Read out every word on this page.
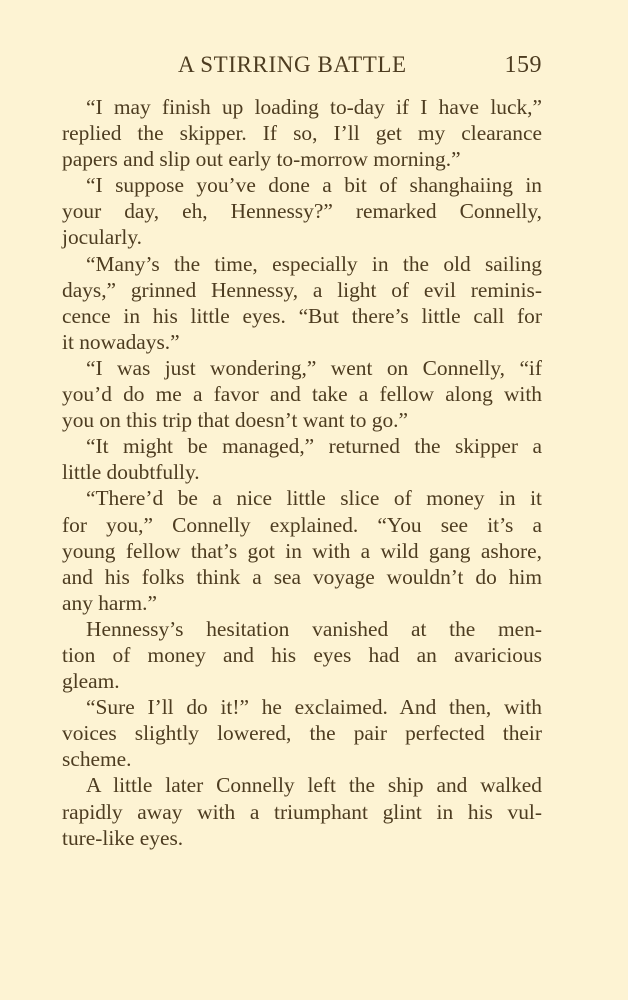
A STIRRING BATTLE	159
“I may finish up loading to-day if I have luck,”
replied the skipper. If so, I’ll get my clearance
papers and slip out early to-morrow morning.”
“I suppose you’ve done a bit of shanghaiing in
your day, eh, Hennessy?” remarked Connelly,
jocularly.
“Many’s the time, especially in the old sailing
days,” grinned Hennessy, a light of evil reminis-
cence in his little eyes. “But there’s little call for
it nowadays.”
“I was just wondering,” went on Connelly, “if
you’d do me a favor and take a fellow along with
you on this trip that doesn’t want to go.”
“It might be managed,” returned the skipper a
little doubtfully.
“There’d be a nice little slice of money in it
for you,” Connelly explained. “You see it’s a
young fellow that’s got in with a wild gang ashore,
and his folks think a sea voyage wouldn’t do him
any harm.”
Hennessy’s hesitation vanished at the men-
tion of money and his eyes had an avaricious
gleam.
“Sure I’ll do it!” he exclaimed. And then, with
voices slightly lowered, the pair perfected their
scheme.
A little later Connelly left the ship and walked
rapidly away with a triumphant glint in his vul-
ture-like eyes.
